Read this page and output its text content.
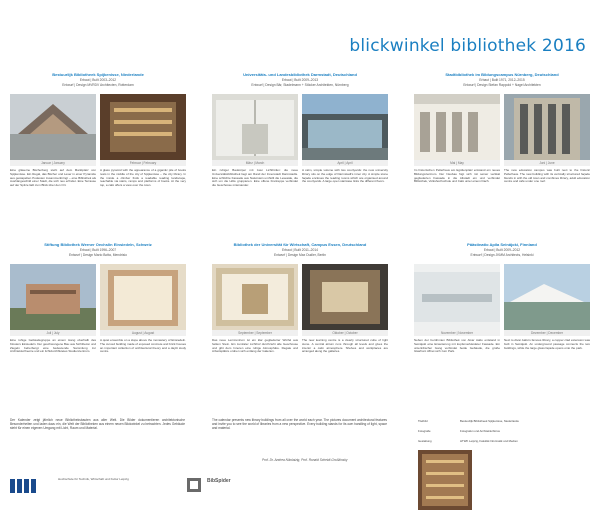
blickwinkel bibliothek 2016
Bestuurlijk Bibliotheek Spijkenisse, Niederlande
Erbaut | Built 2003–2012
Entwurf | Design MVRDV Architecten, Rotterdam
Januar | January	Februar | February
Eine gläserne Bücherberg steht auf dem Marktplatz von Spijkenisse. Ein Regal, das Bücher und Leser in einer Pyramide aus gestapelten Podesten zusammenbringt – eine Bibliothek als Aushängeschild einer Stadt, die sich neu erfindet. Eine Terrasse auf der Spitze lädt zum Blick über den Ort.
A glass pyramid with the appearance of a gigantic pile of books rests in the middle of the city of Spijkenisse – the city library. In the inside a climber finds a readable reading landscape, reachable via stairs, ramps and platforms of books. At the very top, a café offers a view over the town.
Universitäts- und Landesbibliothek Darmstadt, Deutschland
Erbaut | Built 2009–2013
Entwurf | Design Bär, Stadelmann + Stöcker Architekten, Nürnberg
März | March	April | April
Ein ruhiger Baukörper mit zwei Lichthöfen: die neue Universitätsbibliothek liegt am Rand der Innenstadt Darmstadts. Eine schlichte Fassade aus Naturstein umhüllt die Lesesäle, die sich um die Höfe gruppieren. Eine offene Freitreppe verbindet die Geschosse miteinander.
A calm, simple volume with two courtyards: the new university library sits on the edge of Darmstadt's inner city. A simple stone façade encloses the reading rooms which are organised around the courtyards. A large open staircase links the different floors.
Stadtbibliothek im Bildungscampus Nürnberg, Deutschland
Erbaut | Built 1971, 2012–2015
Entwurf | Design Stefan Rappold + Nagel Architekten
Mai | May	Juni | June
Im historischen Pellerhaus am Egidienplatz entstand ein neues Bildungszentrum. Der Neubau fügt sich mit seiner vertikal gegliederten Fassade in die Altstadt ein und verbindet Bibliothek, Volkshochschule und Café unter einem Dach.
The new education campus was built next to the historic Pellerhaus. The new building with its vertically structured façade blends in with the old town and combines library, adult education centre and café under one roof.
Stiftung Bibliothek Werner Oechslin Einsiedeln, Schweiz
Erbaut | Built 1996–2007
Entwurf | Design Mario Botta, Mendrisio
Juli | July	August | August
Eine ruhige Gebäudegruppe an einem Hang oberhalb des Klosters Einsiedeln. Der geschwungene Bau aus Sichtbeton und Ziegeln beherbergt eine bedeutende Sammlung zur Architekturtheorie und ein lichtdurchflutetes Studienzentrum.
A quiet ensemble on a slope above the monastery of Einsiedeln. The curved building made of exposed concrete and brick houses an important collection of architectural theory and a daylit study centre.
Bibliothek der Universität für Wirtschaft, Campus Essen, Deutschland
Erbaut | Built 2011–2014
Entwurf | Design Max Dudler, Berlin
September | September	Oktober | October
Das neue Lernzentrum ist ein klar gegliederter Würfel aus hellem Stein. Ein zentraler Lichthof durchzieht alle Geschosse und gibt dem Inneren eine ruhige Atmosphäre. Regale und Arbeitsplätze ordnen sich entlang der Galerien.
The new learning centre is a clearly structured cube of light stone. A central atrium runs through all levels and gives the interior a calm atmosphere. Shelves and workplaces are arranged along the galleries.
Päästinatio Apila Seinäjoki, Finnland
Erbaut | Built 2009–2012
Entwurf | Design JKMM Architects, Helsinki
November | November	Dezember | December
Neben der berühmten Bibliothek von Alvar Aalto entstand in Seinäjoki eine Erweiterung mit kupferverkleideter Fassade. Ein unterirdischer Gang verbindet beide Gebäude, die große Glasfront öffnet sich zum Park.
Next to Alvar Aalto's famous library, a copper clad extension was built in Seinäjoki. An underground passage connects the two buildings, while the large glass façade opens onto the park.
Der Kalender zeigt jährlich neue Bibliotheksbauten aus aller Welt. Die Bilder dokumentieren architektonische Besonderheiten und laden dazu ein, die Welt der Bibliotheken aus einem neuen Blickwinkel zu betrachten. Jedes Gebäude steht für einen eigenen Umgang mit Licht, Raum und Material.
The calendar presents new library buildings from all over the world each year. The pictures document architectural features and invite you to see the world of libraries from a new perspective. Every building stands for its own handling of light, space and material.
Prof. Dr. Andrea Nikolaizig, Prof. Ronald Scheidt-Großkinsky
Hochschule für Technik, Wirtschaft und Kultur Leipzig	BibSpider
Titelbild	Bestuurlijk Bibliotheek Spijkenisse, Niederlande
Fotografie	Fotografen und Architekturbüros
Gestaltung	HTWK Leipzig, Fakultät Informatik und Medien
